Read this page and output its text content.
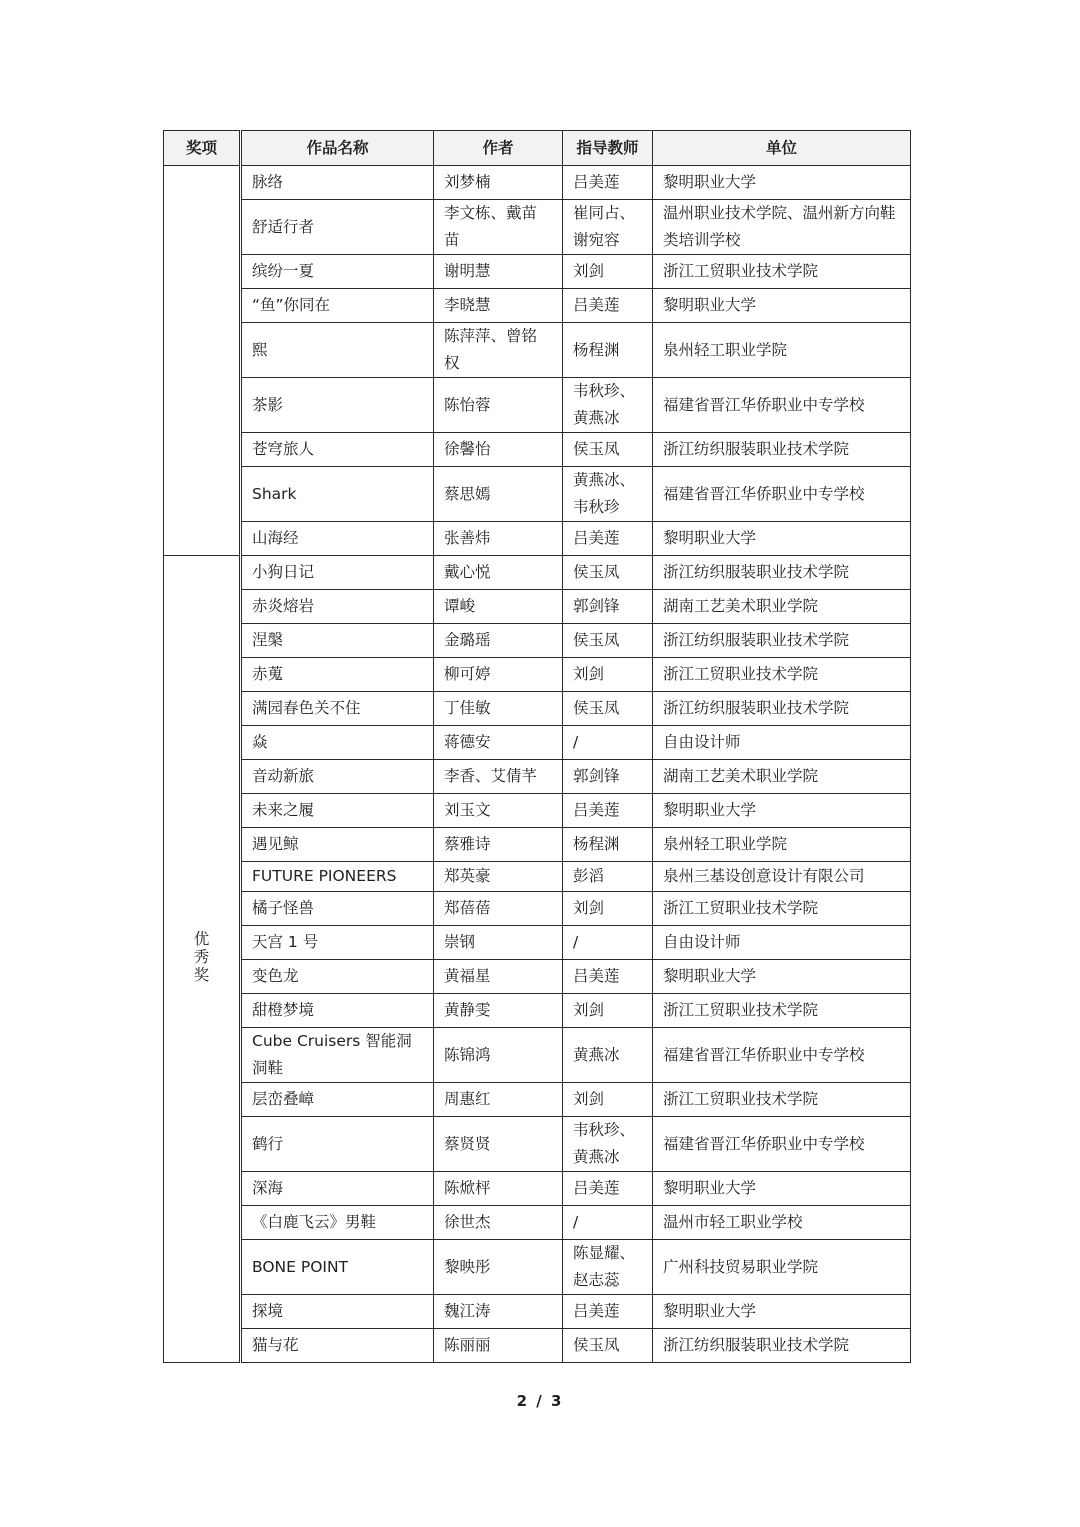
奖项	作品名称	作者	指导教师	单位
	脉络	刘梦楠	吕美莲	黎明职业大学
	舒适行者	李文栋、戴苗苗	崔同占、谢宛容	温州职业技术学院、温州新方向鞋类培训学校
	缤纷一夏	谢明慧	刘剑	浙江工贸职业技术学院
	“鱼”你同在	李晓慧	吕美莲	黎明职业大学
	熙	陈萍萍、曾铭权	杨程渊	泉州轻工职业学院
	茶影	陈怡蓉	韦秋珍、黄燕冰	福建省晋江华侨职业中专学校
	苍穹旅人	徐馨怡	侯玉凤	浙江纺织服装职业技术学院
	Shark	蔡思嫣	黄燕冰、韦秋珍	福建省晋江华侨职业中专学校
	山海经	张善炜	吕美莲	黎明职业大学
优秀奖	小狗日记	戴心悦	侯玉凤	浙江纺织服装职业技术学院
	赤炎熔岩	谭峻	郭剑锋	湖南工艺美术职业学院
	涅槃	金璐瑶	侯玉凤	浙江纺织服装职业技术学院
	赤蒐	柳可婷	刘剑	浙江工贸职业技术学院
	满园春色关不住	丁佳敏	侯玉凤	浙江纺织服装职业技术学院
	焱	蒋德安	/	自由设计师
	音动新旅	李香、艾倩芊	郭剑锋	湖南工艺美术职业学院
	未来之履	刘玉文	吕美莲	黎明职业大学
	遇见鲸	蔡雅诗	杨程渊	泉州轻工职业学院
	FUTURE PIONEERS	郑英豪	彭滔	泉州三基设创意设计有限公司
	橘子怪兽	郑蓓蓓	刘剑	浙江工贸职业技术学院
	天宫 1 号	崇钢	/	自由设计师
	变色龙	黄福星	吕美莲	黎明职业大学
	甜橙梦境	黄静雯	刘剑	浙江工贸职业技术学院
	Cube Cruisers 智能洞洞鞋	陈锦鸿	黄燕冰	福建省晋江华侨职业中专学校
	层峦叠嶂	周惠红	刘剑	浙江工贸职业技术学院
	鹤行	蔡贤贤	韦秋珍、黄燕冰	福建省晋江华侨职业中专学校
	深海	陈焮枰	吕美莲	黎明职业大学
	《白鹿飞云》男鞋	徐世杰	/	温州市轻工职业学校
	BONE POINT	黎映彤	陈显耀、赵志蕊	广州科技贸易职业学院
	探境	魏江涛	吕美莲	黎明职业大学
	猫与花	陈丽丽	侯玉凤	浙江纺织服装职业技术学院
2 / 3
